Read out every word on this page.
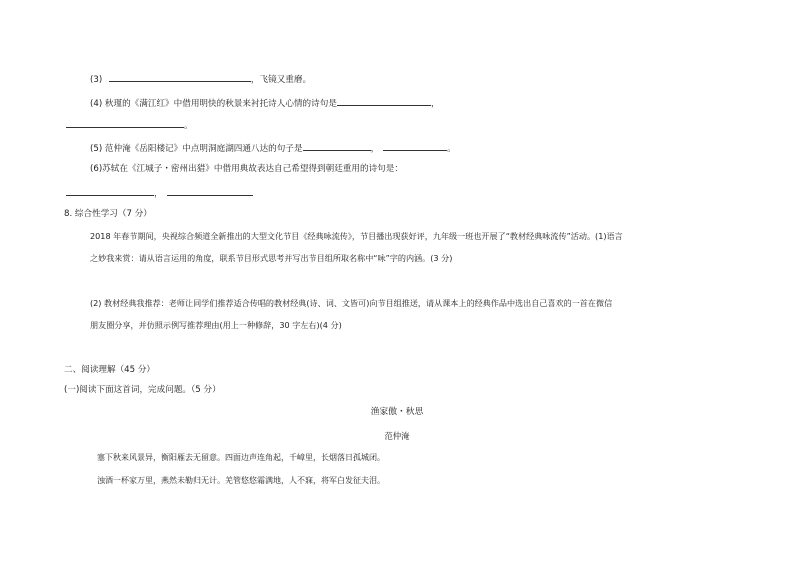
(3)	，飞镜又重磨。
(4) 秋瑾的《满江红》中借用明快的秋景来衬托诗人心情的诗句是	，
。
(5) 范仲淹《岳阳楼记》中点明洞庭湖四通八达的句子是	，	。
(6)苏轼在《江城子・密州出猎》中借用典故表达自己希望得到朝廷重用的诗句是：
，
8. 综合性学习（7 分）
2018 年春节期间，央视综合频道全新推出的大型文化节目《经典咏流传》，节目播出现获好评，九年级一班也开展了“教材经典咏流传”活动。(1)语言
之妙我来赏：请从语言运用的角度，联系节目形式思考并写出节目组所取名称中“咏”字的内涵。(3 分)
(2) 教材经典我推荐：老师让同学们推荐适合传唱的教材经典(诗、词、文皆可)向节目组推送，请从课本上的经典作品中选出自己喜欢的一首在微信
朋友圈分享，并仿照示例写推荐理由(用上一种修辞，30 字左右)(4 分)
二、阅读理解（45 分）
(一)阅读下面这首词，完成问题。（5 分）
渔家傲・秋思
范仲淹
塞下秋来风景异，衡阳雁去无留意。四面边声连角起，千嶂里，长烟落日孤城闭。
浊酒一杯家万里，燕然未勒归无计。羌管悠悠霜满地，人不寐，将军白发征夫泪。
